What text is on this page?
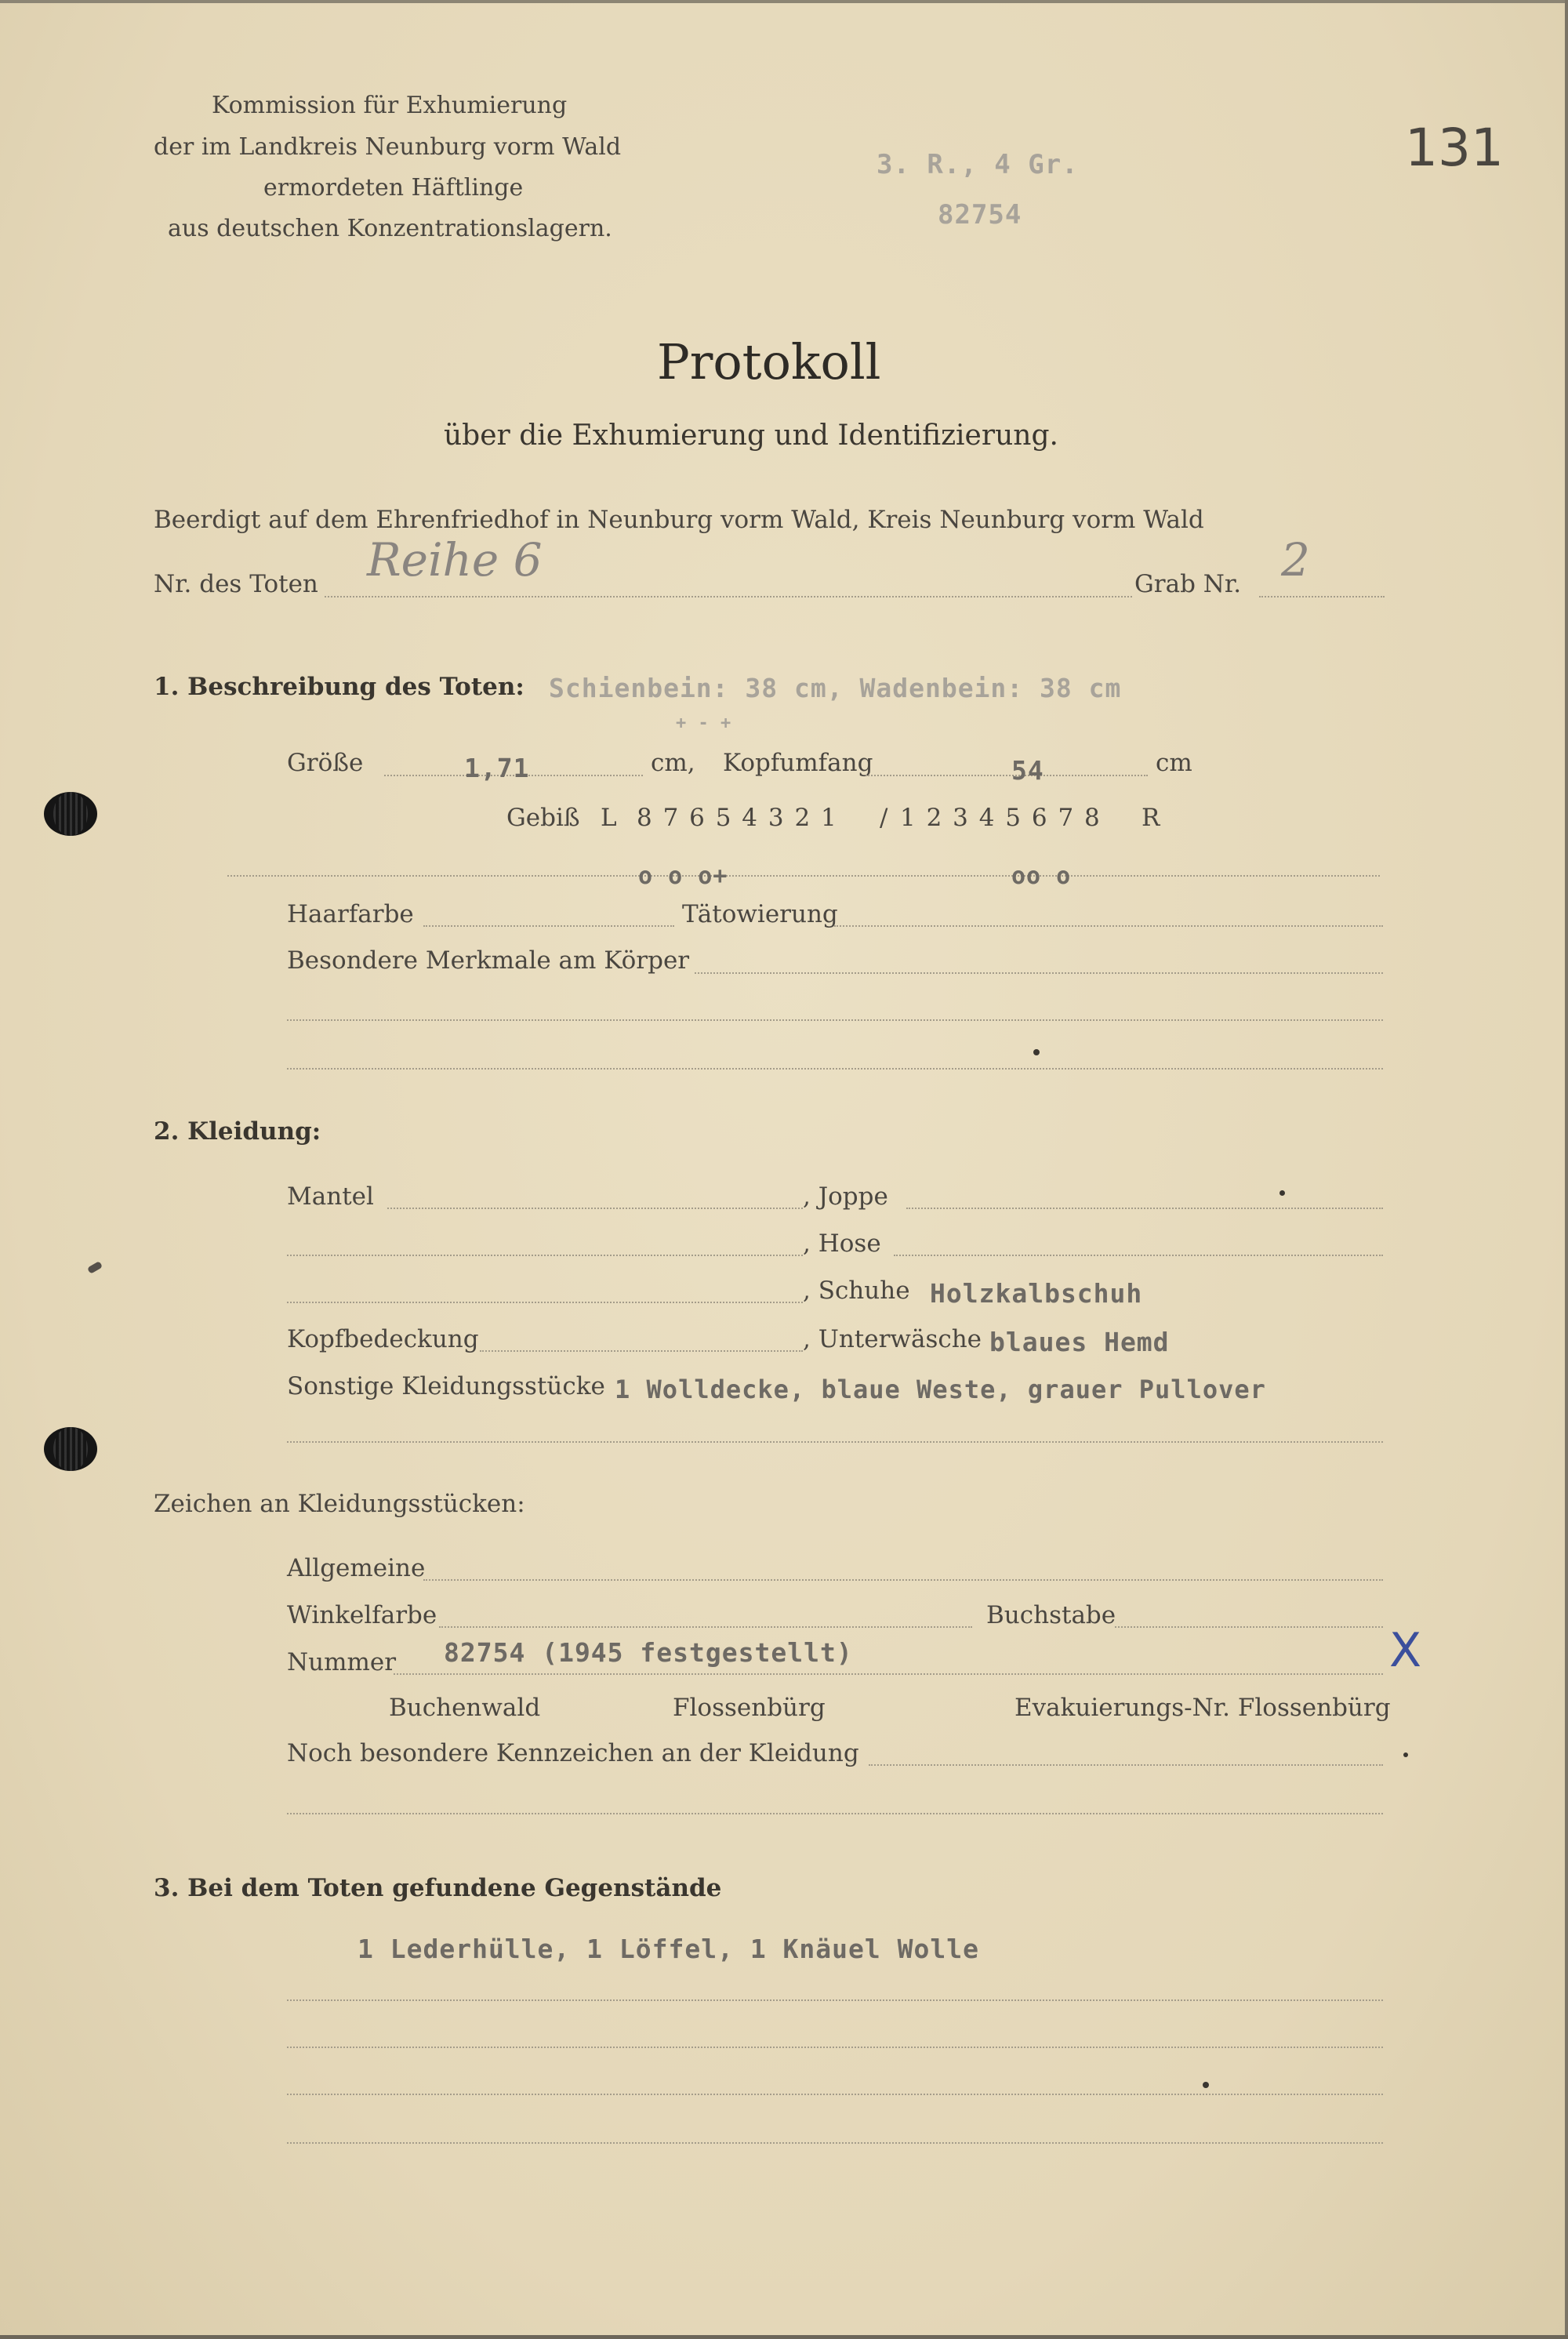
Kommission für Exhumierung
der im Landkreis Neunburg vorm Wald
ermordeten Häftlinge
aus deutschen Konzentrationslagern.
3. R., 4 Gr.
82754
131
Protokoll
über die Exhumierung und Identifizierung.
Beerdigt auf dem Ehrenfriedhof in Neunburg vorm Wald, Kreis Neunburg vorm Wald
Nr. des Toten Reihe 6	Grab Nr. 2
1. Beschreibung des Toten: Schienbein: 38 cm, Wadenbein: 38 cm
+ - +
Größe	1,71	cm, Kopfumfang	54	cm
Gebiß L 8 7 6 5 4 3 2 1 / 1 2 3 4 5 6 7 8 R
o o o+	oo o
Haarfarbe	Tätowierung
Besondere Merkmale am Körper
2. Kleidung:
Mantel	, Joppe
, Hose
, Schuhe Holzkalbschuh
Kopfbedeckung	, Unterwäsche blaues Hemd
Sonstige Kleidungsstücke 1 Wolldecke, blaue Weste, grauer Pullover
Zeichen an Kleidungsstücken:
Allgemeine
Winkelfarbe	Buchstabe
Nummer 82754 (1945 festgestellt)	X
Buchenwald	Flossenbürg	Evakuierungs-Nr. Flossenbürg
Noch besondere Kennzeichen an der Kleidung
3. Bei dem Toten gefundene Gegenstände
1 Lederhülle, 1 Löffel, 1 Knäuel Wolle
